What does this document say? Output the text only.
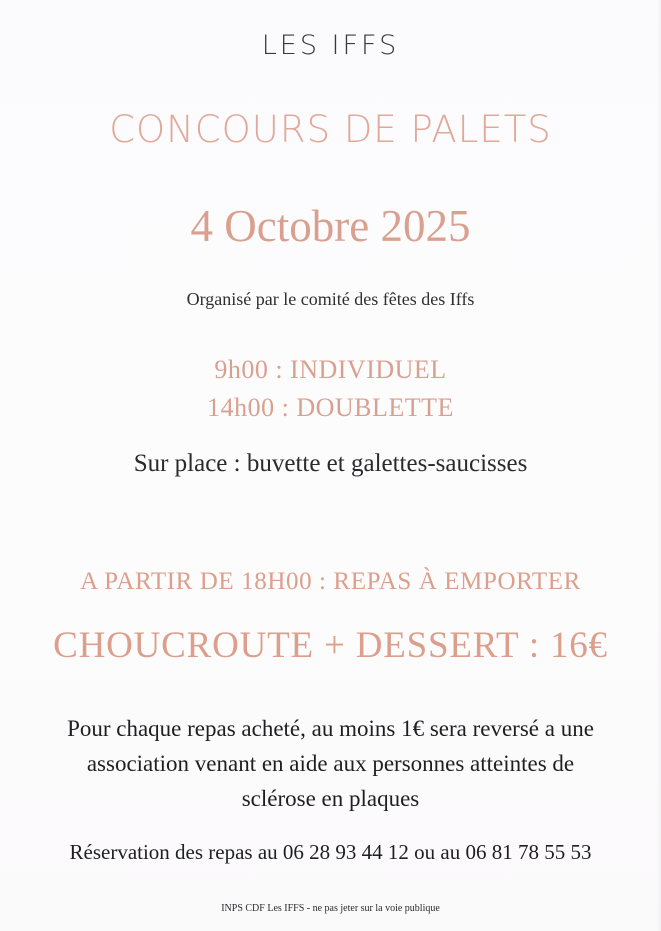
LES IFFS
CONCOURS DE PALETS
4 Octobre 2025
Organisé par le comité des fêtes des Iffs
9h00 : INDIVIDUEL
14h00 : DOUBLETTE
Sur place : buvette et galettes-saucisses
A PARTIR DE 18H00 : REPAS À EMPORTER
CHOUCROUTE + DESSERT : 16€
Pour chaque repas acheté, au moins 1€ sera reversé a une
association venant en aide aux personnes atteintes de
sclérose en plaques
Réservation des repas au 06 28 93 44 12 ou au 06 81 78 55 53
INPS CDF Les IFFS - ne pas jeter sur la voie publique
